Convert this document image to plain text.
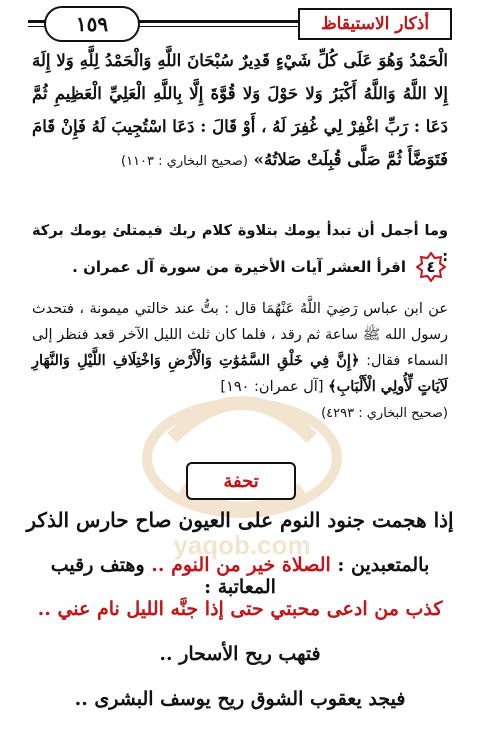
أذكار الاستيقاظ
١٥٩
yaqob.com
الْحَمْدُ وَهُوَ عَلَى كُلِّ شَيْءٍ قَدِيرٌ سُبْحَانَ اللَّهِ وَالْحَمْدُ لِلَّهِ وَلا إِلَهَ إِلا اللَّهُ وَاللَّهُ أَكْبَرُ وَلا حَوْلَ وَلا قُوَّةَ إِلَّا بِاللَّهِ الْعَلِيِّ الْعَظِيمِ ثُمَّ دَعَا : رَبِّ اغْفِرْ لِي غُفِرَ لَهُ ، أَوْ قَالَ : دَعَا اسْتُجِيبَ لَهُ فَإِنْ قَامَ فَتَوَضَّأَ ثُمَّ صَلَّى قُبِلَتْ صَلاتُهُ» (صحيح البخاري : ١١٠٣)
وما أجمل أن تبدأ يومك بتلاوة كلام ربك فيمتلئ يومك بركة :
٤
اقرأ العشر آيات الأخيرة من سورة آل عمران .
عن ابن عباس رَضِيَ اللَّهُ عَنْهُمَا قال : بتُّ عند خالتي ميمونة ، فتحدث رسول الله ﷺ ساعة ثم رقد ، فلما كان ثلث الليل الآخر قعد فنظر إلى السماء فقال: ﴿إِنَّ فِي خَلْقِ السَّمَٰوَٰتِ وَالْأَرْضِ وَاخْتِلَافِ اللَّيْلِ وَالنَّهَارِ لَآيَاتٍ لِّأُولِي الْأَلْبَابِ﴾ [آل عمران: ١٩٠]
(صحيح البخاري : ٤٢٩٣)
تحفة
إذا هجمت جنود النوم على العيون صاح حارس الذكر
بالمتعبدين : الصلاة خير من النوم .. وهتف رقيب المعاتبة :
كذب من ادعى محبتي حتى إذا جنَّه الليل نام عني ..
فتهب ريح الأسحار ..
فيجد يعقوب الشوق ريح يوسف البشرى ..
